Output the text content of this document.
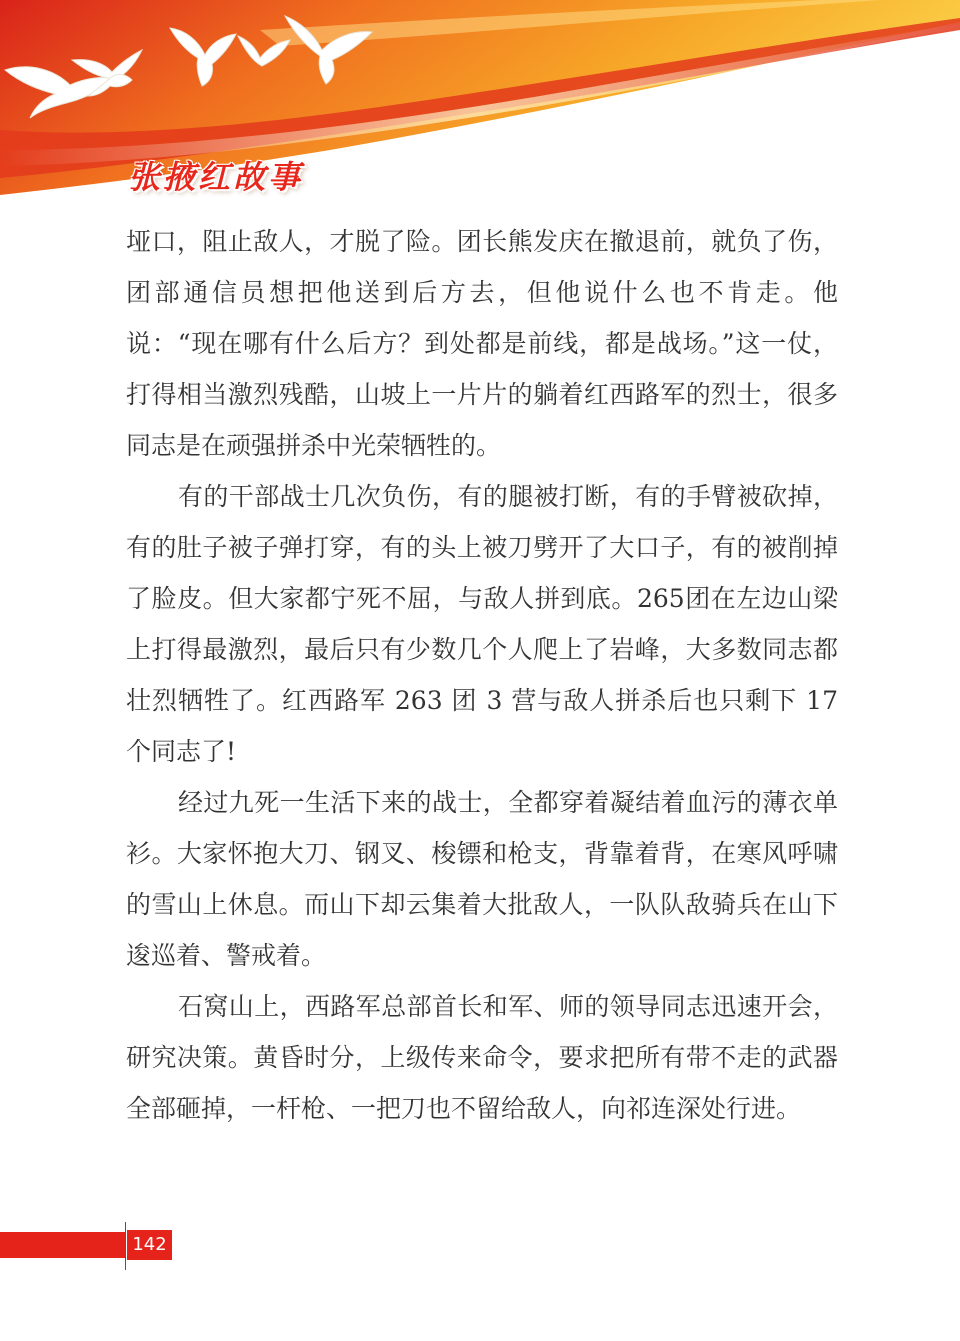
张掖红故事

垭口，阻止敌人，才脱了险。团长熊发庆在撤退前，就负了伤，团部通信员想把他送到后方去，但他说什么也不肯走。他说：“现在哪有什么后方？到处都是前线，都是战场。”这一仗，打得相当激烈残酷，山坡上一片片的躺着红西路军的烈士，很多同志是在顽强拼杀中光荣牺牲的。

有的干部战士几次负伤，有的腿被打断，有的手臂被砍掉，有的肚子被子弹打穿，有的头上被刀劈开了大口子，有的被削掉了脸皮。但大家都宁死不屈，与敌人拼到底。265团在左边山梁上打得最激烈，最后只有少数几个人爬上了岩峰，大多数同志都壮烈牺牲了。红西路军 263 团 3 营与敌人拼杀后也只剩下 17 个同志了!

经过九死一生活下来的战士，全都穿着凝结着血污的薄衣单衫。大家怀抱大刀、钢叉、梭镖和枪支，背靠着背，在寒风呼啸的雪山上休息。而山下却云集着大批敌人，一队队敌骑兵在山下逡巡着、警戒着。

石窝山上，西路军总部首长和军、师的领导同志迅速开会，研究决策。黄昏时分，上级传来命令，要求把所有带不走的武器全部砸掉，一杆枪、一把刀也不留给敌人，向祁连深处行进。

142
